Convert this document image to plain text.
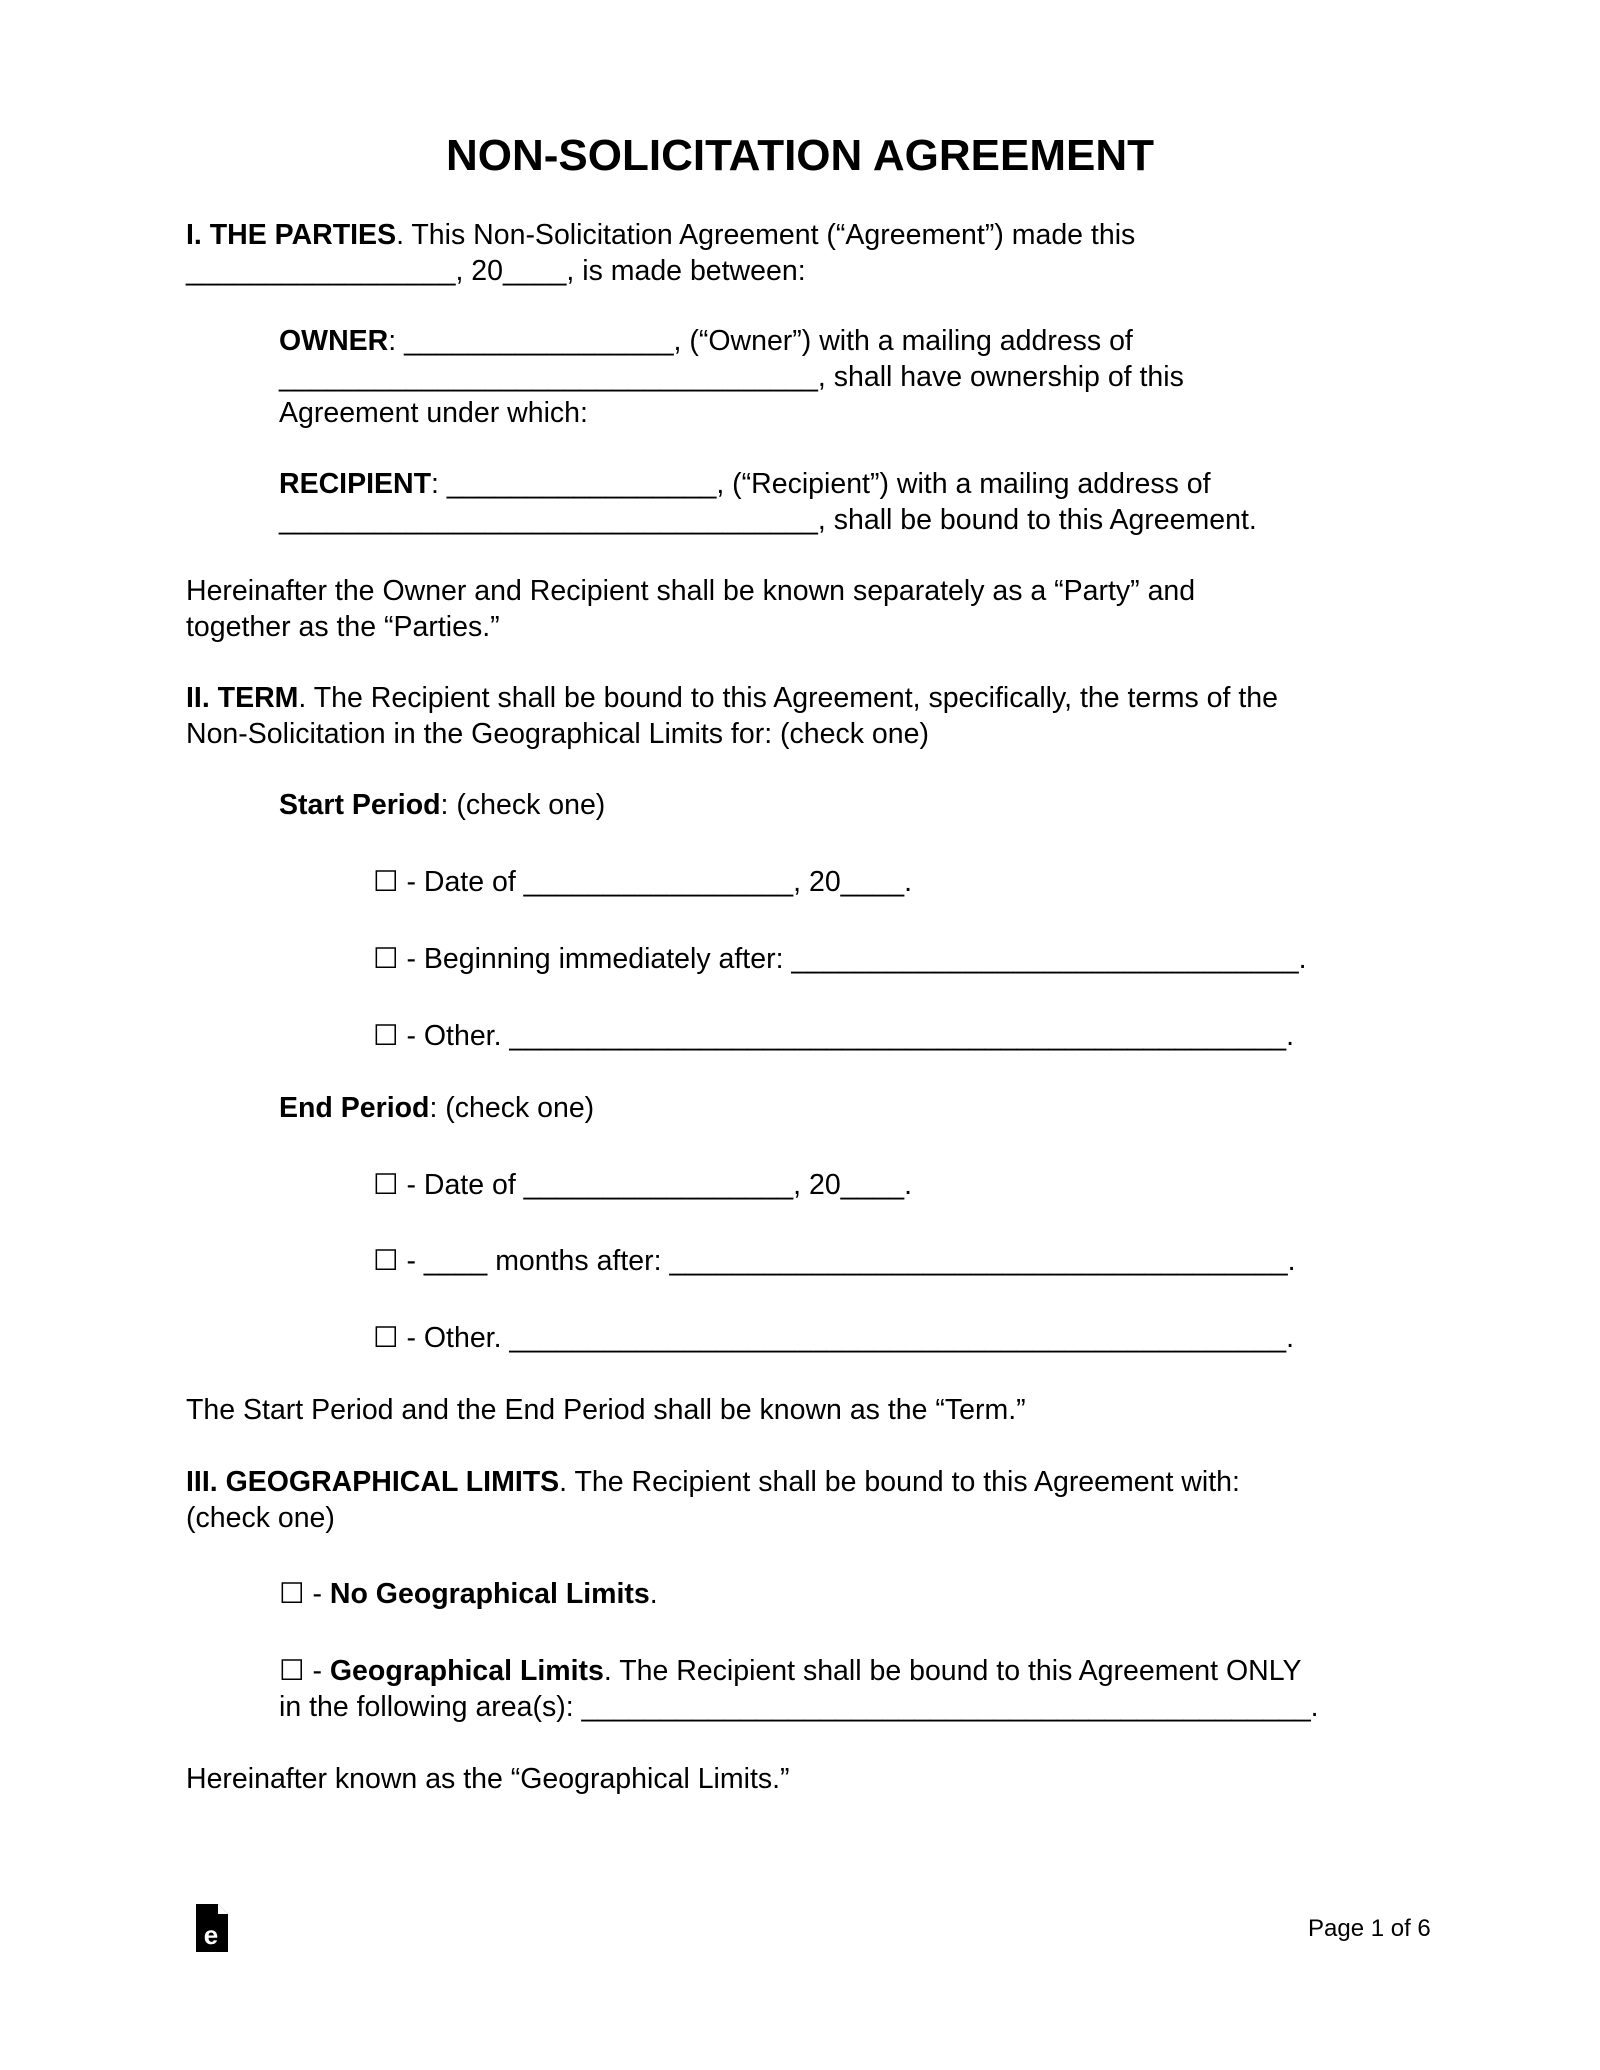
NON-SOLICITATION AGREEMENT
I. THE PARTIES. This Non-Solicitation Agreement (“Agreement”) made this
_________________, 20____, is made between:
OWNER: _________________, (“Owner”) with a mailing address of
__________________________________, shall have ownership of this
Agreement under which:
RECIPIENT: _________________, (“Recipient”) with a mailing address of
__________________________________, shall be bound to this Agreement.
Hereinafter the Owner and Recipient shall be known separately as a “Party” and
together as the “Parties.”
II. TERM. The Recipient shall be bound to this Agreement, specifically, the terms of the
Non-Solicitation in the Geographical Limits for: (check one)
Start Period: (check one)
☐ - Date of _________________, 20____.
☐ - Beginning immediately after: ________________________________.
☐ - Other. _________________________________________________.
End Period: (check one)
☐ - Date of _________________, 20____.
☐ - ____ months after: _______________________________________.
☐ - Other. _________________________________________________.
The Start Period and the End Period shall be known as the “Term.”
III. GEOGRAPHICAL LIMITS. The Recipient shall be bound to this Agreement with:
(check one)
☐ - No Geographical Limits.
☐ - Geographical Limits. The Recipient shall be bound to this Agreement ONLY
in the following area(s): ______________________________________________.
Hereinafter known as the “Geographical Limits.”
e	Page 1 of 6
